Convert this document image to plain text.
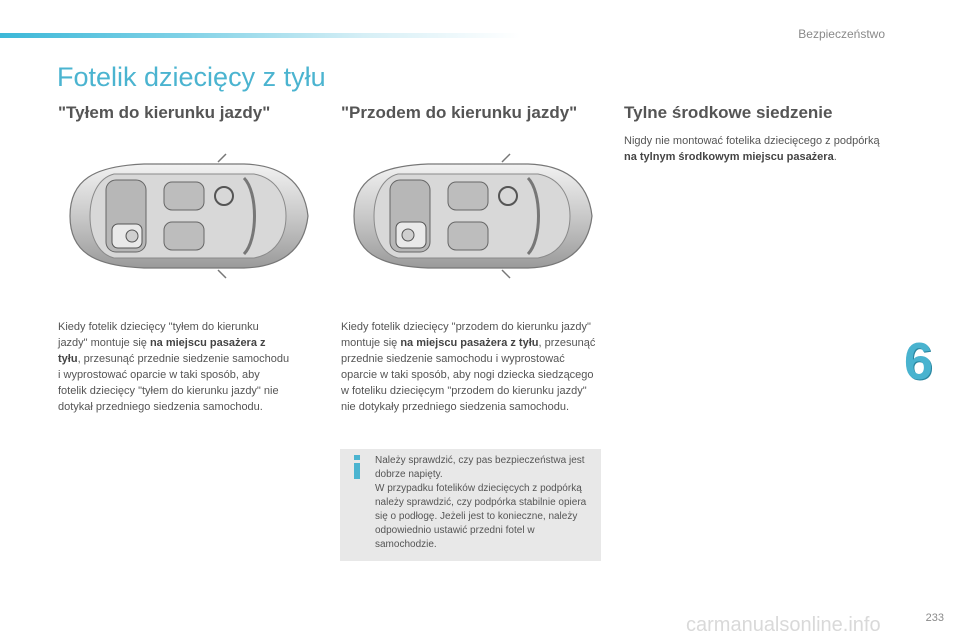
Bezpieczeństwo
Fotelik dziecięcy z tyłu
"Tyłem do kierunku jazdy"
Kiedy fotelik dziecięcy "tyłem do kierunku jazdy" montuje się na miejscu pasażera z tyłu, przesunąć przednie siedzenie samochodu i wyprostować oparcie w taki sposób, aby fotelik dziecięcy "tyłem do kierunku jazdy" nie dotykał przedniego siedzenia samochodu.
"Przodem do kierunku jazdy"
Kiedy fotelik dziecięcy "przodem do kierunku jazdy" montuje się na miejscu pasażera z tyłu, przesunąć przednie siedzenie samochodu i wyprostować oparcie w taki sposób, aby nogi dziecka siedzącego w foteliku dziecięcym "przodem do kierunku jazdy" nie dotykały przedniego siedzenia samochodu.
Należy sprawdzić, czy pas bezpieczeństwa jest dobrze napięty.
W przypadku fotelików dziecięcych z podpórką należy sprawdzić, czy podpórka stabilnie opiera się o podłogę. Jeżeli jest to konieczne, należy odpowiednio ustawić przedni fotel w samochodzie.
Tylne środkowe siedzenie
Nigdy nie montować fotelika dziecięcego z podpórką na tylnym środkowym miejscu pasażera.
6
carmanualsonline.info	233
